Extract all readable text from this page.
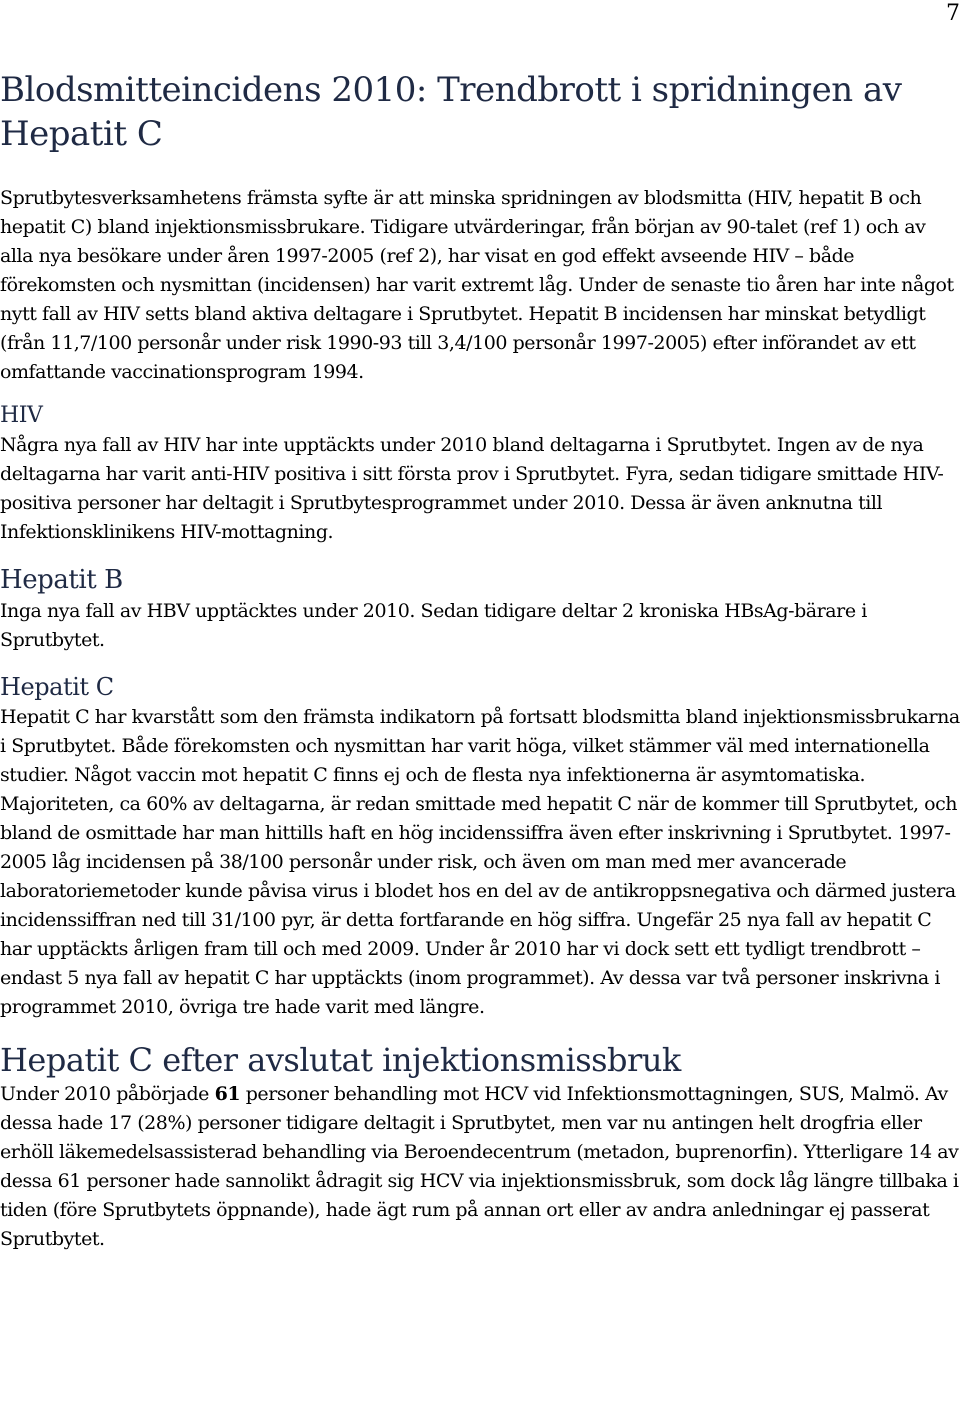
7
Blodsmitteincidens 2010: Trendbrott i spridningen av Hepatit C

Sprutbytesverksamhetens främsta syfte är att minska spridningen av blodsmitta (HIV, hepatit B och hepatit C) bland injektionsmissbrukare. Tidigare utvärderingar, från början av 90-talet (ref 1) och av alla nya besökare under åren 1997-2005 (ref 2), har visat en god effekt avseende HIV – både förekomsten och nysmittan (incidensen) har varit extremt låg. Under de senaste tio åren har inte något nytt fall av HIV setts bland aktiva deltagare i Sprutbytet. Hepatit B incidensen har minskat betydligt (från 11,7/100 personår under risk 1990-93 till 3,4/100 personår 1997-2005) efter införandet av ett omfattande vaccinationsprogram 1994.

HIV

Några nya fall av HIV har inte upptäckts under 2010 bland deltagarna i Sprutbytet. Ingen av de nya deltagarna har varit anti-HIV positiva i sitt första prov i Sprutbytet. Fyra, sedan tidigare smittade HIV-positiva personer har deltagit i Sprutbytesprogrammet under 2010. Dessa är även anknutna till Infektionsklinikens HIV-mottagning.

Hepatit B

Inga nya fall av HBV upptäcktes under 2010. Sedan tidigare deltar 2 kroniska HBsAg-bärare i Sprutbytet.

Hepatit C

Hepatit C har kvarstått som den främsta indikatorn på fortsatt blodsmitta bland injektionsmissbrukarna i Sprutbytet. Både förekomsten och nysmittan har varit höga, vilket stämmer väl med internationella studier. Något vaccin mot hepatit C finns ej och de flesta nya infektionerna är asymtomatiska. Majoriteten, ca 60% av deltagarna, är redan smittade med hepatit C när de kommer till Sprutbytet, och bland de osmittade har man hittills haft en hög incidenssiffra även efter inskrivning i Sprutbytet. 1997-2005 låg incidensen på 38/100 personår under risk, och även om man med mer avancerade laboratoriemetoder kunde påvisa virus i blodet hos en del av de antikroppsnegativa och därmed justera incidenssiffran ned till 31/100 pyr, är detta fortfarande en hög siffra. Ungefär 25 nya fall av hepatit C har upptäckts årligen fram till och med 2009. Under år 2010 har vi dock sett ett tydligt trendbrott – endast 5 nya fall av hepatit C har upptäckts (inom programmet). Av dessa var två personer inskrivna i programmet 2010, övriga tre hade varit med längre.

Hepatit C efter avslutat injektionsmissbruk

Under 2010 påbörjade 61 personer behandling mot HCV vid Infektionsmottagningen, SUS, Malmö. Av dessa hade 17 (28%) personer tidigare deltagit i Sprutbytet, men var nu antingen helt drogfria eller erhöll läkemedelsassisterad behandling via Beroendecentrum (metadon, buprenorfin). Ytterligare 14 av dessa 61 personer hade sannolikt ådragit sig HCV via injektionsmissbruk, som dock låg längre tillbaka i tiden (före Sprutbytets öppnande), hade ägt rum på annan ort eller av andra anledningar ej passerat Sprutbytet.
